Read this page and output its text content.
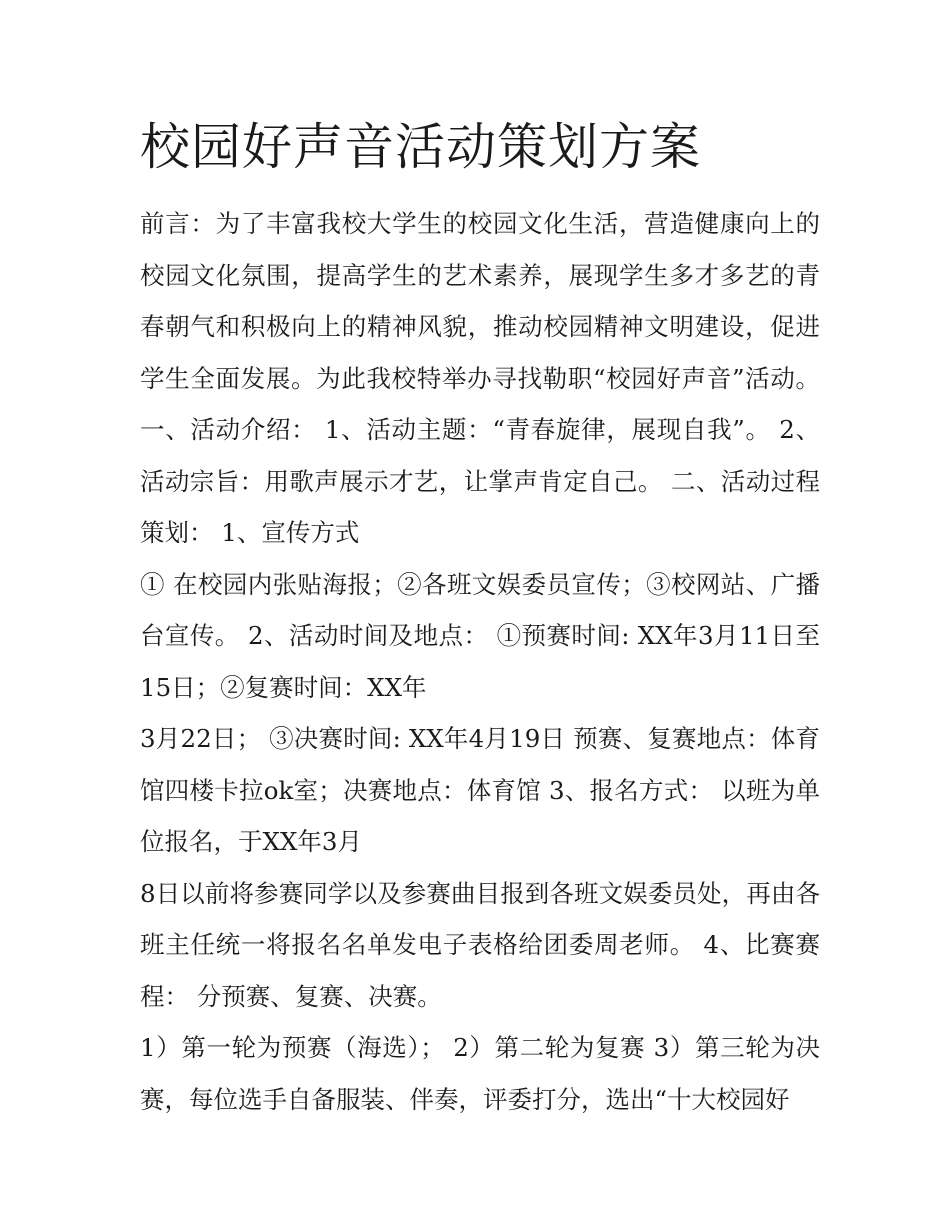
校园好声音活动策划方案

前言：为了丰富我校大学生的校园文化生活，营造健康向上的校园文化氛围，提高学生的艺术素养，展现学生多才多艺的青春朝气和积极向上的精神风貌，推动校园精神文明建设，促进学生全面发展。为此我校特举办寻找勒职“校园好声音”活动。一、活动介绍： 1、活动主题：“青春旋律，展现自我”。 2、活动宗旨：用歌声展示才艺，让掌声肯定自己。 二、活动过程策划： 1、宣传方式

① 在校园内张贴海报；②各班文娱委员宣传；③校网站、广播台宣传。 2、活动时间及地点： ①预赛时间: XX年3月11日至15日；②复赛时间：XX年

3月22日； ③决赛时间: XX年4月19日 预赛、复赛地点：体育馆四楼卡拉ok室；决赛地点：体育馆 3、报名方式： 以班为单位报名，于XX年3月

8日以前将参赛同学以及参赛曲目报到各班文娱委员处，再由各班主任统一将报名名单发电子表格给团委周老师。 4、比赛赛程： 分预赛、复赛、决赛。

1）第一轮为预赛（海选）； 2）第二轮为复赛 3）第三轮为决赛，每位选手自备服装、伴奏，评委打分，选出“十大校园好
